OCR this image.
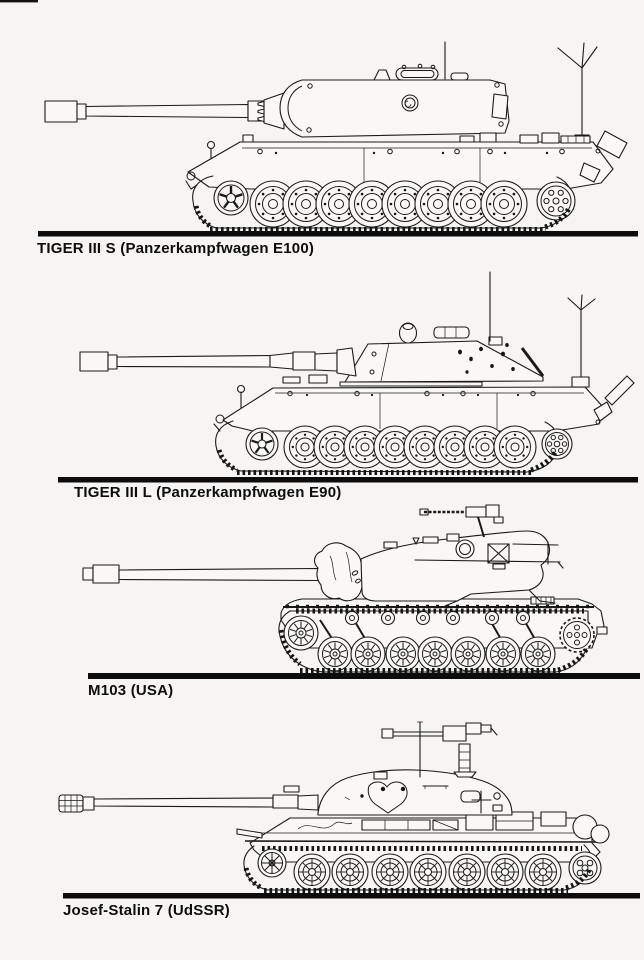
TIGER III S (Panzerkampfwagen E100)
TIGER III L (Panzerkampfwagen E90)
M103 (USA)
Josef-Stalin 7 (UdSSR)
